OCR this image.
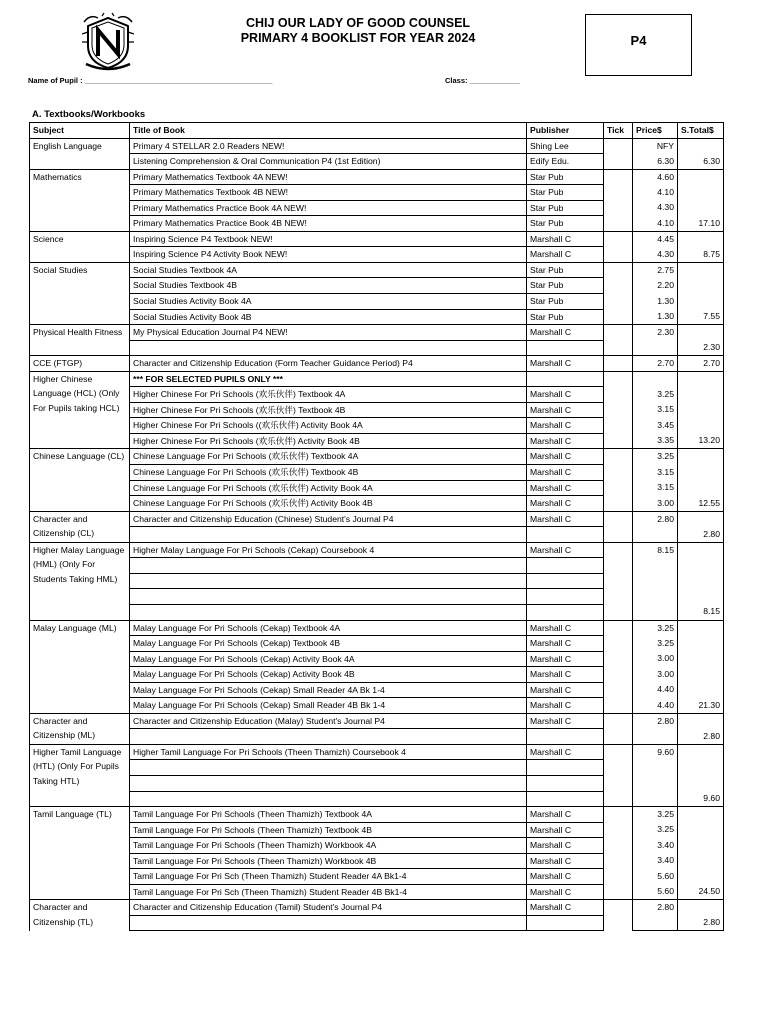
CHIJ OUR LADY OF GOOD COUNSEL
PRIMARY 4 BOOKLIST FOR YEAR 2024	P4
Name of Pupil : _____________________________________________	Class: ____________
A. Textbooks/Workbooks
Subject	Title of Book	Publisher	Tick	Price$	S.Total$
English Language	Primary 4 STELLAR 2.0 Readers NEW!	Shing Lee		NFY	
	Listening Comprehension & Oral Communication P4 (1st Edition)	Edify Edu.		6.30	6.30
Mathematics	Primary Mathematics Textbook 4A NEW!	Star Pub		4.60	
	Primary Mathematics Textbook 4B NEW!	Star Pub		4.10	
	Primary Mathematics Practice Book 4A NEW!	Star Pub		4.30	
	Primary Mathematics Practice Book 4B NEW!	Star Pub		4.10	17.10
Science	Inspiring Science P4 Textbook NEW!	Marshall C		4.45	
	Inspiring Science P4 Activity Book NEW!	Marshall C		4.30	8.75
Social Studies	Social Studies Textbook 4A	Star Pub		2.75	
	Social Studies Textbook 4B	Star Pub		2.20	
	Social Studies Activity Book 4A	Star Pub		1.30	
	Social Studies Activity Book 4B	Star Pub		1.30	7.55
Physical Health Fitness	My Physical Education Journal P4 NEW!	Marshall C		2.30	
					2.30
CCE (FTGP)	Character and Citizenship Education (Form Teacher Guidance Period) P4	Marshall C		2.70	2.70
Higher Chinese Language (HCL) (Only For Pupils taking HCL)	*** FOR SELECTED PUPILS ONLY ***				
	Higher Chinese For Pri Schools (欢乐伙伴) Textbook 4A	Marshall C		3.25	
	Higher Chinese For Pri Schools (欢乐伙伴) Textbook 4B	Marshall C		3.15	
	Higher Chinese For Pri Schools ((欢乐伙伴) Activity Book 4A	Marshall C		3.45	
	Higher Chinese For Pri Schools (欢乐伙伴) Activity Book 4B	Marshall C		3.35	13.20
Chinese Language (CL)	Chinese Language For Pri Schools (欢乐伙伴) Textbook 4A	Marshall C		3.25	
	Chinese Language For Pri Schools (欢乐伙伴) Textbook 4B	Marshall C		3.15	
	Chinese Language For Pri Schools (欢乐伙伴) Activity Book 4A	Marshall C		3.15	
	Chinese Language For Pri Schools (欢乐伙伴) Activity Book 4B	Marshall C		3.00	12.55
Character and Citizenship (CL)	Character and Citizenship Education (Chinese) Student's Journal P4	Marshall C		2.80	
					2.80
Higher Malay Language (HML) (Only For Students Taking HML)	Higher Malay Language For Pri Schools (Cekap) Coursebook 4	Marshall C		8.15	

					8.15
Malay Language (ML)	Malay Language For Pri Schools (Cekap) Textbook 4A	Marshall C		3.25	
	Malay Language For Pri Schools (Cekap) Textbook 4B	Marshall C		3.25	
	Malay Language For Pri Schools (Cekap) Activity Book 4A	Marshall C		3.00	
	Malay Language For Pri Schools (Cekap) Activity Book 4B	Marshall C		3.00	
	Malay Language For Pri Schools (Cekap) Small Reader 4A Bk 1-4	Marshall C		4.40	
	Malay Language For Pri Schools (Cekap) Small Reader 4B Bk 1-4	Marshall C		4.40	21.30
Character and Citizenship (ML)	Character and Citizenship Education (Malay) Student's Journal P4	Marshall C		2.80	
					2.80
Higher Tamil Language (HTL) (Only For Pupils Taking HTL)	Higher Tamil Language For Pri Schools (Theen Thamizh) Coursebook 4	Marshall C		9.60	

					9.60
Tamil Language (TL)	Tamil Language For Pri Schools (Theen Thamizh) Textbook 4A	Marshall C		3.25	
	Tamil Language For Pri Schools (Theen Thamizh) Textbook 4B	Marshall C		3.25	
	Tamil Language For Pri Schools (Theen Thamizh) Workbook 4A	Marshall C		3.40	
	Tamil Language For Pri Schools (Theen Thamizh) Workbook 4B	Marshall C		3.40	
	Tamil Language For Pri Sch (Theen Thamizh) Student Reader 4A Bk1-4	Marshall C		5.60	
	Tamil Language For Pri Sch (Theen Thamizh) Student Reader 4B Bk1-4	Marshall C		5.60	24.50
Character and Citizenship (TL)	Character and Citizenship Education (Tamil) Student's Journal P4	Marshall C		2.80	
					2.80
